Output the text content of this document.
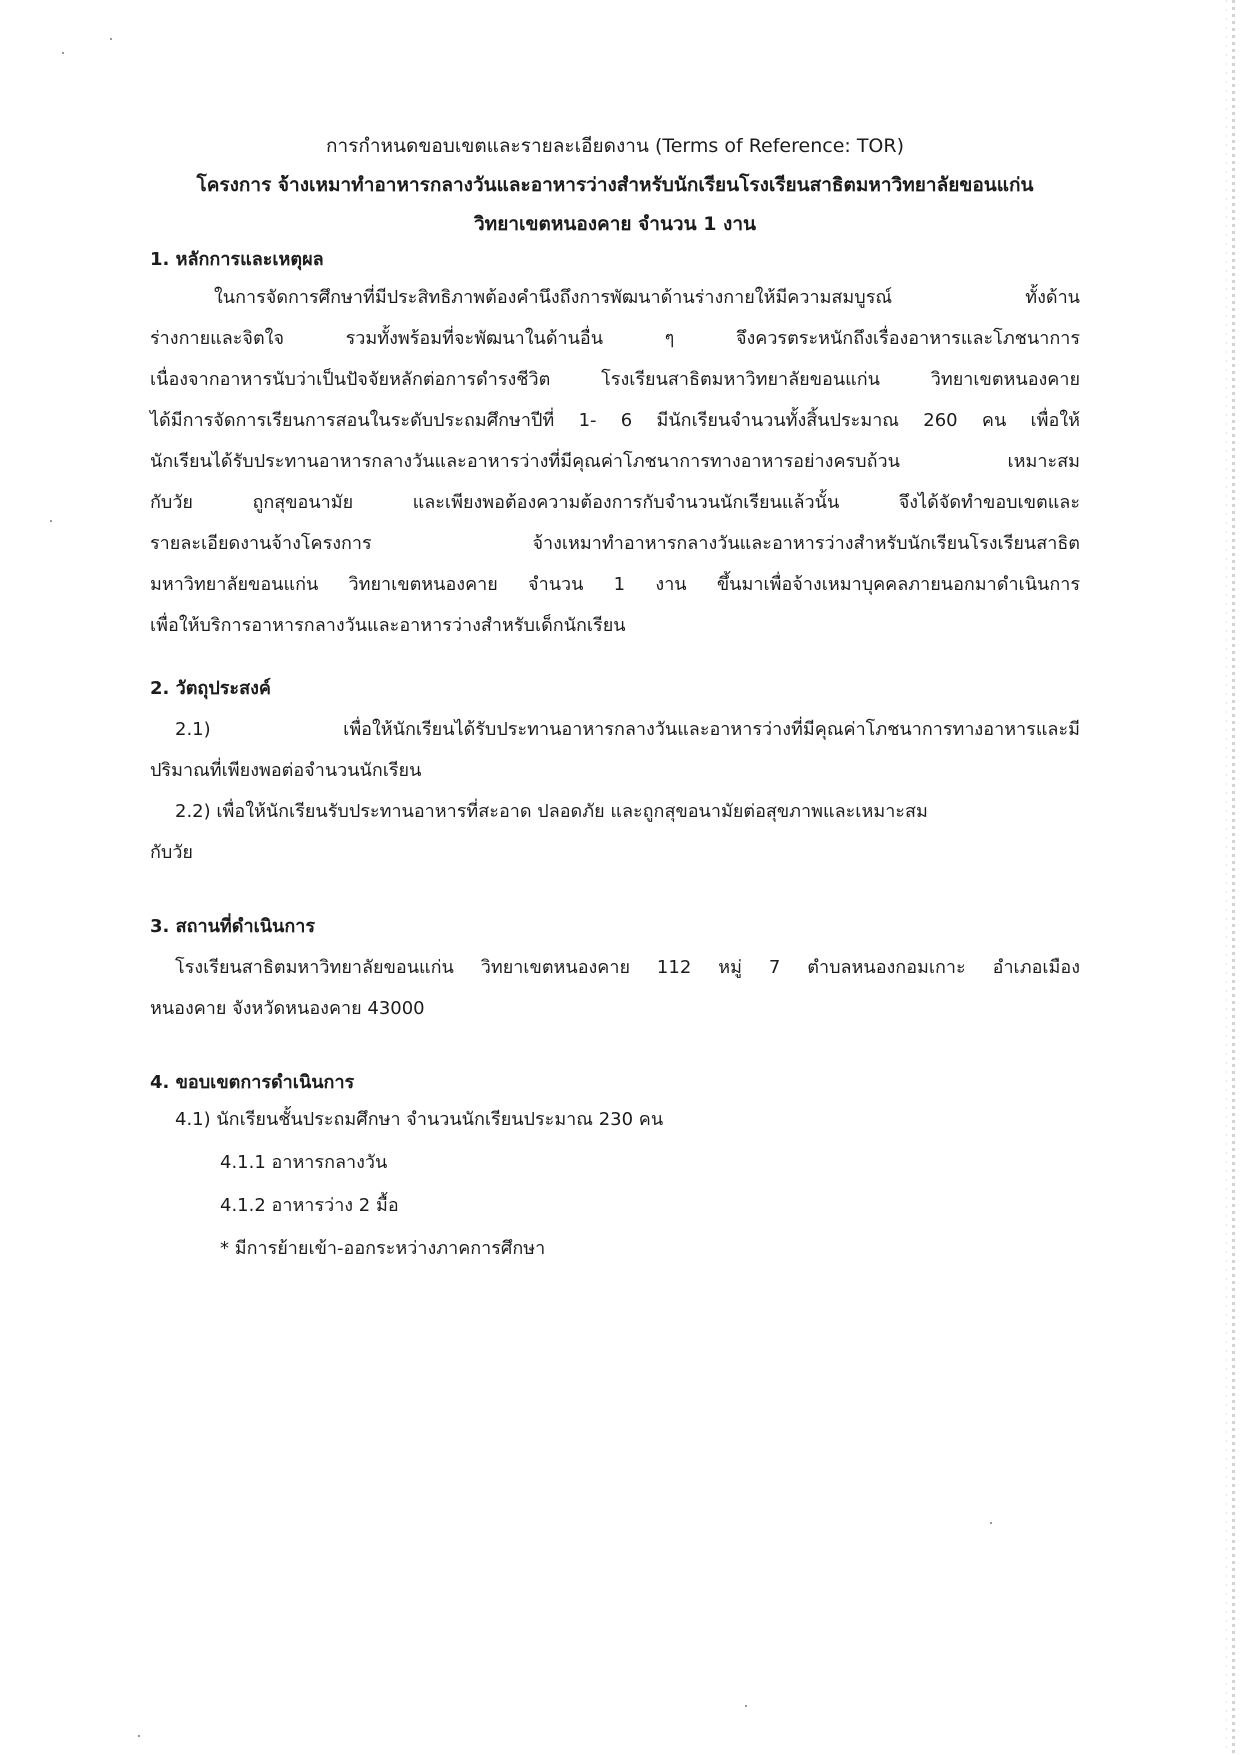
การกำหนดขอบเขตและรายละเอียดงาน (Terms of Reference: TOR)
โครงการ จ้างเหมาทำอาหารกลางวันและอาหารว่างสำหรับนักเรียนโรงเรียนสาธิตมหาวิทยาลัยขอนแก่น
วิทยาเขตหนองคาย จำนวน 1 งาน
1. หลักการและเหตุผล
ในการจัดการศึกษาที่มีประสิทธิภาพต้องคำนึงถึงการพัฒนาด้านร่างกายให้มีความสมบูรณ์ ทั้งด้าน
ร่างกายและจิตใจ รวมทั้งพร้อมที่จะพัฒนาในด้านอื่น ๆ จึงควรตระหนักถึงเรื่องอาหารและโภชนาการ
เนื่องจากอาหารนับว่าเป็นปัจจัยหลักต่อการดำรงชีวิต โรงเรียนสาธิตมหาวิทยาลัยขอนแก่น วิทยาเขตหนองคาย
ได้มีการจัดการเรียนการสอนในระดับประถมศึกษาปีที่ 1- 6 มีนักเรียนจำนวนทั้งสิ้นประมาณ 260 คน เพื่อให้
นักเรียนได้รับประทานอาหารกลางวันและอาหารว่างที่มีคุณค่าโภชนาการทางอาหารอย่างครบถ้วน เหมาะสม
กับวัย ถูกสุขอนามัย และเพียงพอต้องความต้องการกับจำนวนนักเรียนแล้วนั้น จึงได้จัดทำขอบเขตและ
รายละเอียดงานจ้างโครงการ จ้างเหมาทำอาหารกลางวันและอาหารว่างสำหรับนักเรียนโรงเรียนสาธิต
มหาวิทยาลัยขอนแก่น วิทยาเขตหนองคาย จำนวน 1 งาน ขึ้นมาเพื่อจ้างเหมาบุคคลภายนอกมาดำเนินการ
เพื่อให้บริการอาหารกลางวันและอาหารว่างสำหรับเด็กนักเรียน
2. วัตถุประสงค์
2.1) เพื่อให้นักเรียนได้รับประทานอาหารกลางวันและอาหารว่างที่มีคุณค่าโภชนาการทางอาหารและมี
ปริมาณที่เพียงพอต่อจำนวนนักเรียน
2.2) เพื่อให้นักเรียนรับประทานอาหารที่สะอาด ปลอดภัย และถูกสุขอนามัยต่อสุขภาพและเหมาะสม
กับวัย
3. สถานที่ดำเนินการ
โรงเรียนสาธิตมหาวิทยาลัยขอนแก่น วิทยาเขตหนองคาย 112 หมู่ 7 ตำบลหนองกอมเกาะ อำเภอเมือง
หนองคาย จังหวัดหนองคาย 43000
4. ขอบเขตการดำเนินการ
4.1) นักเรียนชั้นประถมศึกษา จำนวนนักเรียนประมาณ 230 คน
4.1.1 อาหารกลางวัน
4.1.2 อาหารว่าง 2 มื้อ
* มีการย้ายเข้า-ออกระหว่างภาคการศึกษา
